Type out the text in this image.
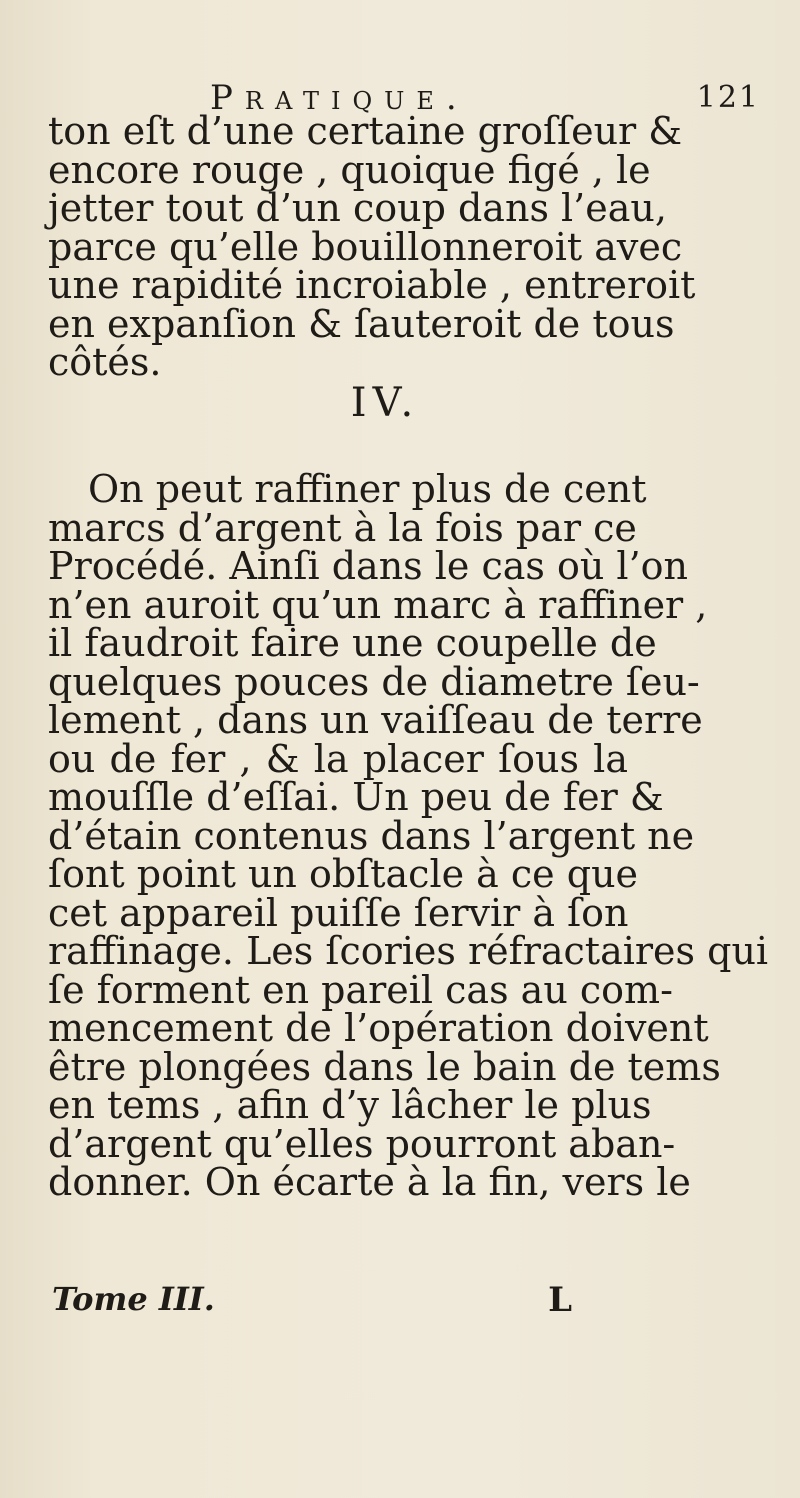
Pratique.	121
ton eſt d’une certaine groſſeur &
encore rouge , quoique figé , le
jetter tout d’un coup dans l’eau,
parce qu’elle bouillonneroit avec
une rapidité incroiable , entreroit
en expanſion & ſauteroit de tous
côtés.
IV.
On peut raffiner plus de cent
marcs d’argent à la fois par ce
Procédé. Ainſi dans le cas où l’on
n’en auroit qu’un marc à raffiner ,
il faudroit faire une coupelle de
quelques pouces de diametre ſeu-
lement , dans un vaiſſeau de terre
ou de fer , & la placer ſous la
mouſſle d’eſſai. Un peu de fer &
d’étain contenus dans l’argent ne
ſont point un obſtacle à ce que
cet appareil puiſſe ſervir à ſon
raffinage. Les ſcories réfractaires qui
ſe forment en pareil cas au com-
mencement de l’opération doivent
être plongées dans le bain de tems
en tems , afin d’y lâcher le plus
d’argent qu’elles pourront aban-
donner. On écarte à la fin, vers le
Tome III.	L
